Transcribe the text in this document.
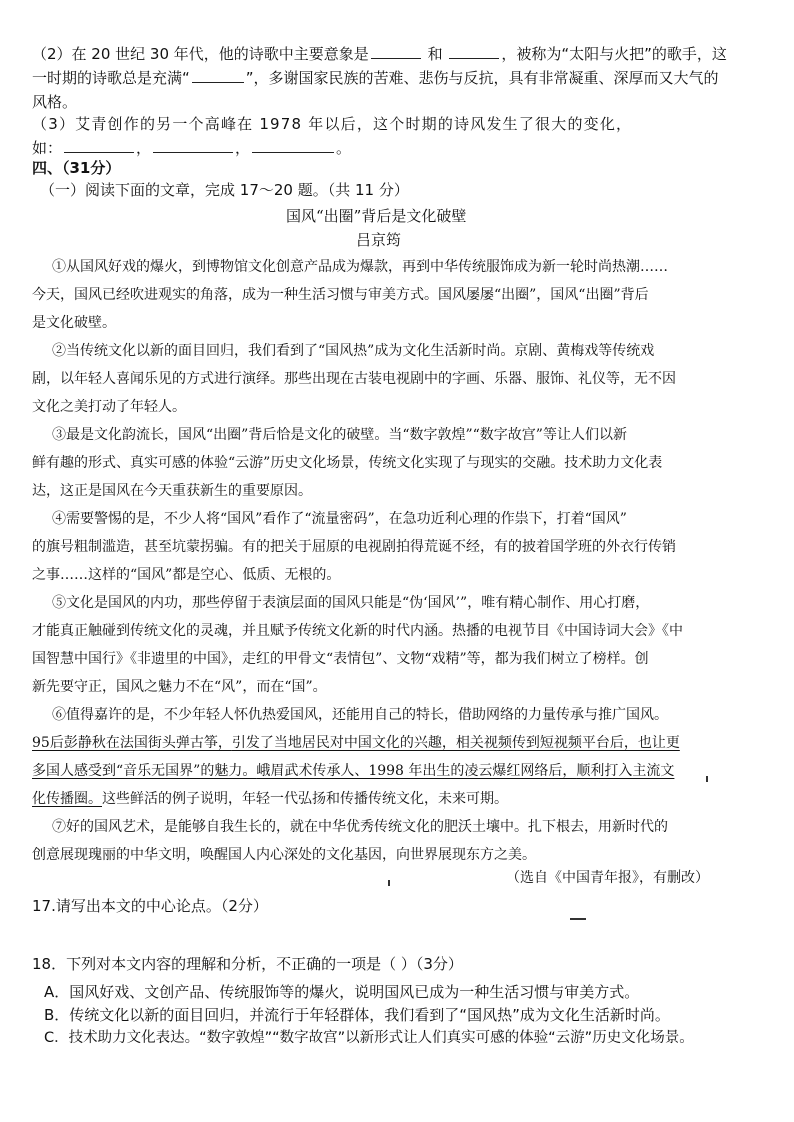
（2）在 20 世纪 30 年代，他的诗歌中主要意象是	和	，被称为“太阳与火把”的歌手，这
一时期的诗歌总是充满“	”，多谢国家民族的苦难、悲伤与反抗，具有非常凝重、深厚而又大气的
风格。
（3）艾青创作的另一个高峰在 1978 年以后，这个时期的诗风发生了很大的变化，
如：	，	，	。
四、（31分）
（一）阅读下面的文章，完成 17～20 题。（共 11 分）
国风“出圈”背后是文化破壁
吕京筠
①从国风好戏的爆火，到博物馆文化创意产品成为爆款，再到中华传统服饰成为新一轮时尚热潮……
今天，国风已经吹进观实的角落，成为一种生活习惯与审美方式。国风屡屡“出圈”，国风“出圈”背后
是文化破壁。
②当传统文化以新的面目回归，我们看到了“国风热”成为文化生活新时尚。京剧、黄梅戏等传统戏
剧，以年轻人喜闻乐见的方式进行演绎。那些出现在古装电视剧中的字画、乐器、服饰、礼仪等，无不因
文化之美打动了年轻人。
③最是文化韵流长，国风“出圈”背后恰是文化的破壁。当“数字敦煌”“数字故宫”等让人们以新
鲜有趣的形式、真实可感的体验“云游”历史文化场景，传统文化实现了与现实的交融。技术助力文化表
达，这正是国风在今天重获新生的重要原因。
④需要警惕的是，不少人将“国风”看作了“流量密码”，在急功近利心理的作祟下，打着“国风”
的旗号粗制滥造，甚至坑蒙拐骗。有的把关于屈原的电视剧拍得荒诞不经，有的披着国学班的外衣行传销
之事……这样的“国风”都是空心、低质、无根的。
⑤文化是国风的内功，那些停留于表演层面的国风只能是“伪‘国风’”，唯有精心制作、用心打磨，
才能真正触碰到传统文化的灵魂，并且赋予传统文化新的时代内涵。热播的电视节目《中国诗词大会》《中
国智慧中国行》《非遗里的中国》，走红的甲骨文“表情包”、文物“戏精”等，都为我们树立了榜样。创
新先要守正，国风之魅力不在“风”，而在“国”。
⑥值得嘉许的是，不少年轻人怀仇热爱国风，还能用自己的特长，借助网络的力量传承与推广国风。
95后彭静秋在法国街头弹古筝，引发了当地居民对中国文化的兴趣，相关视频传到短视频平台后，也让更
多国人感受到“音乐无国界”的魅力。峨眉武术传承人、1998 年出生的凌云爆红网络后，顺利打入主流文
化传播圈。这些鲜活的例子说明，年轻一代弘扬和传播传统文化，未来可期。
⑦好的国风艺术，是能够自我生长的，就在中华优秀传统文化的肥沃土壤中。扎下根去，用新时代的
创意展现瑰丽的中华文明，唤醒国人内心深处的文化基因，向世界展现东方之美。
（选自《中国青年报》，有删改）
17.请写出本文的中心论点。（2分）
18．下列对本文内容的理解和分析，不正确的一项是（ ）（3分）
A．国风好戏、文创产品、传统服饰等的爆火，说明国风已成为一种生活习惯与审美方式。
B．传统文化以新的面目回归，并流行于年轻群体，我们看到了“国风热”成为文化生活新时尚。
C．技术助力文化表达。“数字敦煌”“数字故宫”以新形式让人们真实可感的体验“云游”历史文化场景。
